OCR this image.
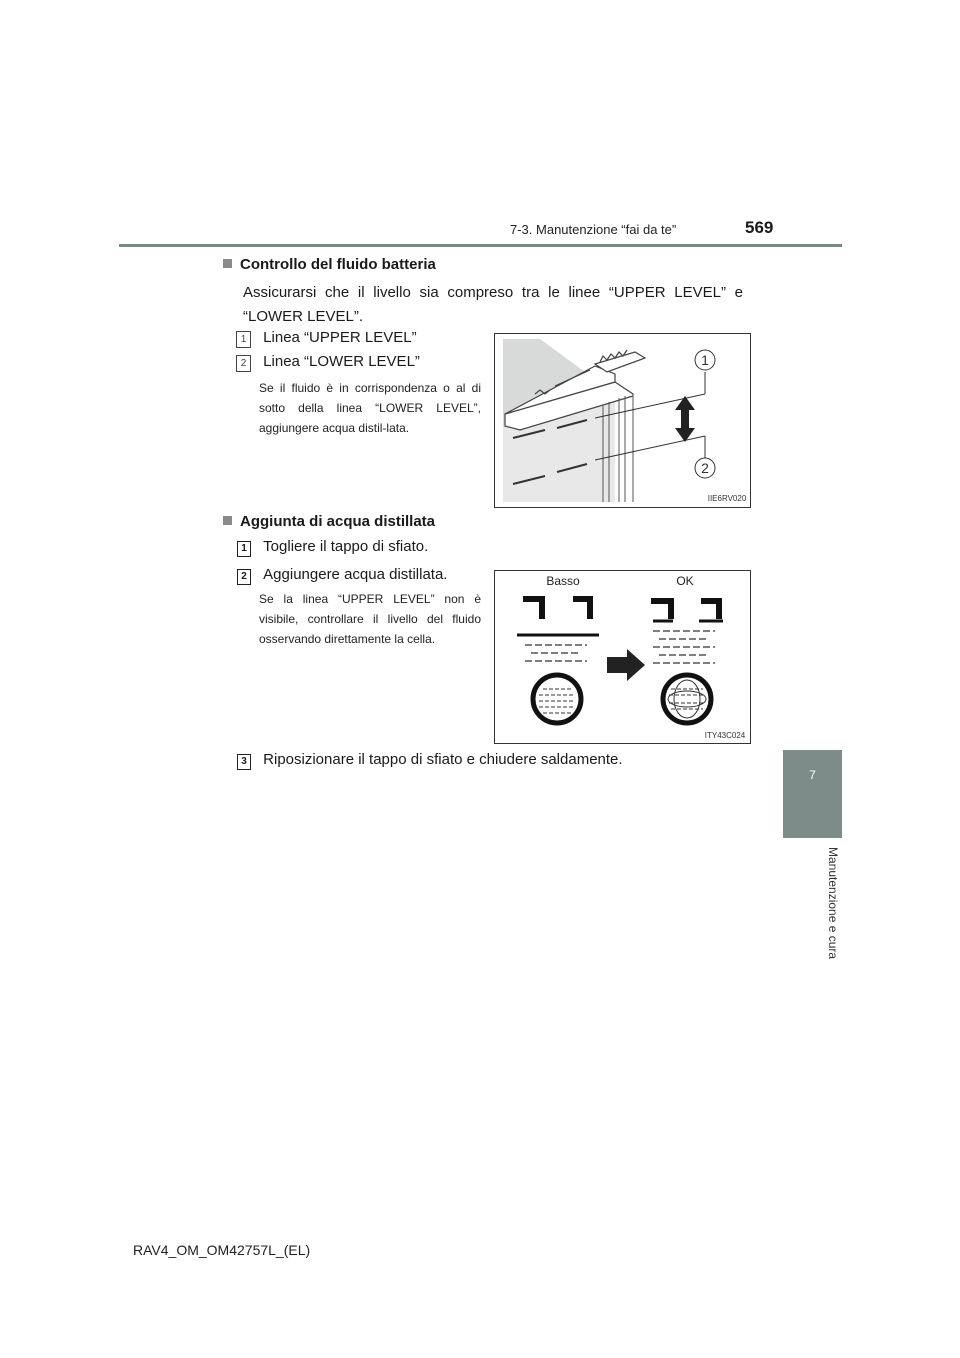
7-3. Manutenzione “fai da te”	569
7
Manutenzione e cura
Controllo del fluido batteria
Assicurarsi che il livello sia compreso tra le linee “UPPER LEVEL” e “LOWER LEVEL”.
1 Linea “UPPER LEVEL”
2 Linea “LOWER LEVEL”
Se il fluido è in corrispondenza o al di sotto della linea “LOWER LEVEL”, aggiungere acqua distil-lata.
1
2
IIE6RV020
Aggiunta di acqua distillata
1 Togliere il tappo di sfiato.
2 Aggiungere acqua distillata.
Se la linea “UPPER LEVEL” non è visibile, controllare il livello del fluido osservando direttamente la cella.
Basso	OK
ITY43C024
3 Riposizionare il tappo di sfiato e chiudere saldamente.
RAV4_OM_OM42757L_(EL)
